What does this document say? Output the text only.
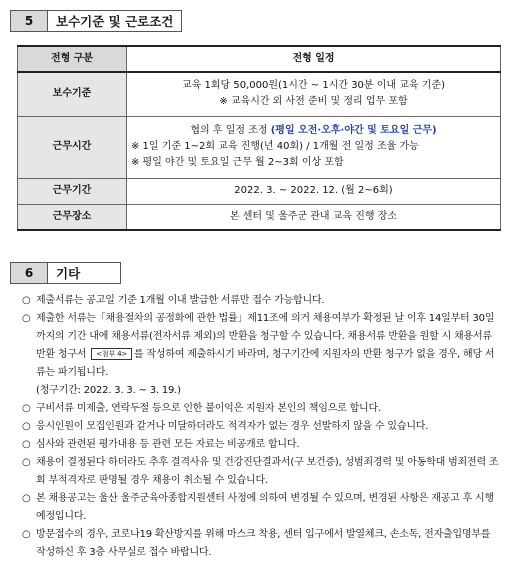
5	보수기준 및 근로조건
전형 구분	전형 일정
보수기준	교육 1회당 50,000원(1시간 ~ 1시간 30분 이내 교육 기준)
※ 교육시간 외 사전 준비 및 정리 업무 포함

근무시간	협의 후 일정 조정 (평일 오전·오후·야간 및 토요일 근무)
※ 1일 기준 1~2회 교육 진행(년 40회) / 1개월 전 일정 조율 가능
※ 평일 야간 및 토요일 근무 월 2~3회 이상 포함

근무기간	2022. 3. ~ 2022. 12. (월 2~6회)
근무장소	본 센터 및 울주군 관내 교육 진행 장소
6	기타
○ 제출서류는 공고일 기준 1개월 이내 발급한 서류만 접수 가능합니다.
○ 제출한 서류는「채용절차의 공정화에 관한 법률」제11조에 의거 채용여부가 확정된 날 이후 14일부터 30일까지의 기간 내에 채용서류(전자서류 제외)의 반환을 청구할 수 있습니다. 채용서류 반환을 원할 시 채용서류 반환 청구서 <첨부 4> 를 작성하여 제출하시기 바라며, 청구기간에 지원자의 반환 청구가 없을 경우, 해당 서류는 파기됩니다.
(청구기간: 2022. 3. 3. ~ 3. 19.)
○ 구비서류 미제출, 연락두절 등으로 인한 불이익은 지원자 본인의 책임으로 합니다.
○ 응시인원이 모집인원과 같거나 미달하더라도 적격자가 없는 경우 선발하지 않을 수 있습니다.
○ 심사와 관련된 평가내용 등 관련 모든 자료는 비공개로 합니다.
○ 채용이 결정된다 하더라도 추후 결격사유 및 건강진단결과서(구 보건증), 성범죄경력 및 아동학대 범죄전력 조회 부적격자로 판명될 경우 채용이 취소될 수 있습니다.
○ 본 채용공고는 울산 울주군육아종합지원센터 사정에 의하여 변경될 수 있으며, 변경된 사항은 재공고 후 시행 예정입니다.
○ 방문접수의 경우, 코로나19 확산방지를 위해 마스크 착용, 센터 입구에서 발열체크, 손소독, 전자출입명부를 작성하신 후 3층 사무실로 접수 바랍니다.
